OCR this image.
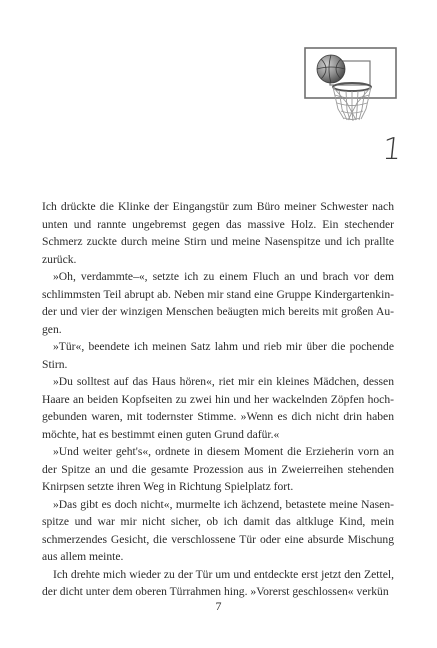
1

Ich drückte die Klinke der Eingangstür zum Büro meiner Schwester nach unten und rannte ungebremst gegen das massive Holz. Ein stechender Schmerz zuckte durch meine Stirn und meine Nasenspitze und ich prallte zurück.

»Oh, verdammte–«, setzte ich zu einem Fluch an und brach vor dem schlimmsten Teil abrupt ab. Neben mir stand eine Gruppe Kindergartenkinder und vier der winzigen Menschen beäugten mich bereits mit großen Augen.

»Tür«, beendete ich meinen Satz lahm und rieb mir über die pochende Stirn.

»Du solltest auf das Haus hören«, riet mir ein kleines Mädchen, dessen Haare an beiden Kopfseiten zu zwei hin und her wackelnden Zöpfen hochgebunden waren, mit todernster Stimme. »Wenn es dich nicht drin haben möchte, hat es bestimmt einen guten Grund dafür.«

»Und weiter geht's«, ordnete in diesem Moment die Erzieherin vorn an der Spitze an und die gesamte Prozession aus in Zweierreihen stehenden Knirpsen setzte ihren Weg in Richtung Spielplatz fort.

»Das gibt es doch nicht«, murmelte ich ächzend, betastete meine Nasenspitze und war mir nicht sicher, ob ich damit das altkluge Kind, mein schmerzendes Gesicht, die verschlossene Tür oder eine absurde Mischung aus allem meinte.

Ich drehte mich wieder zu der Tür um und entdeckte erst jetzt den Zettel, der dicht unter dem oberen Türrahmen hing. »Vorerst geschlossen« verkün

7
